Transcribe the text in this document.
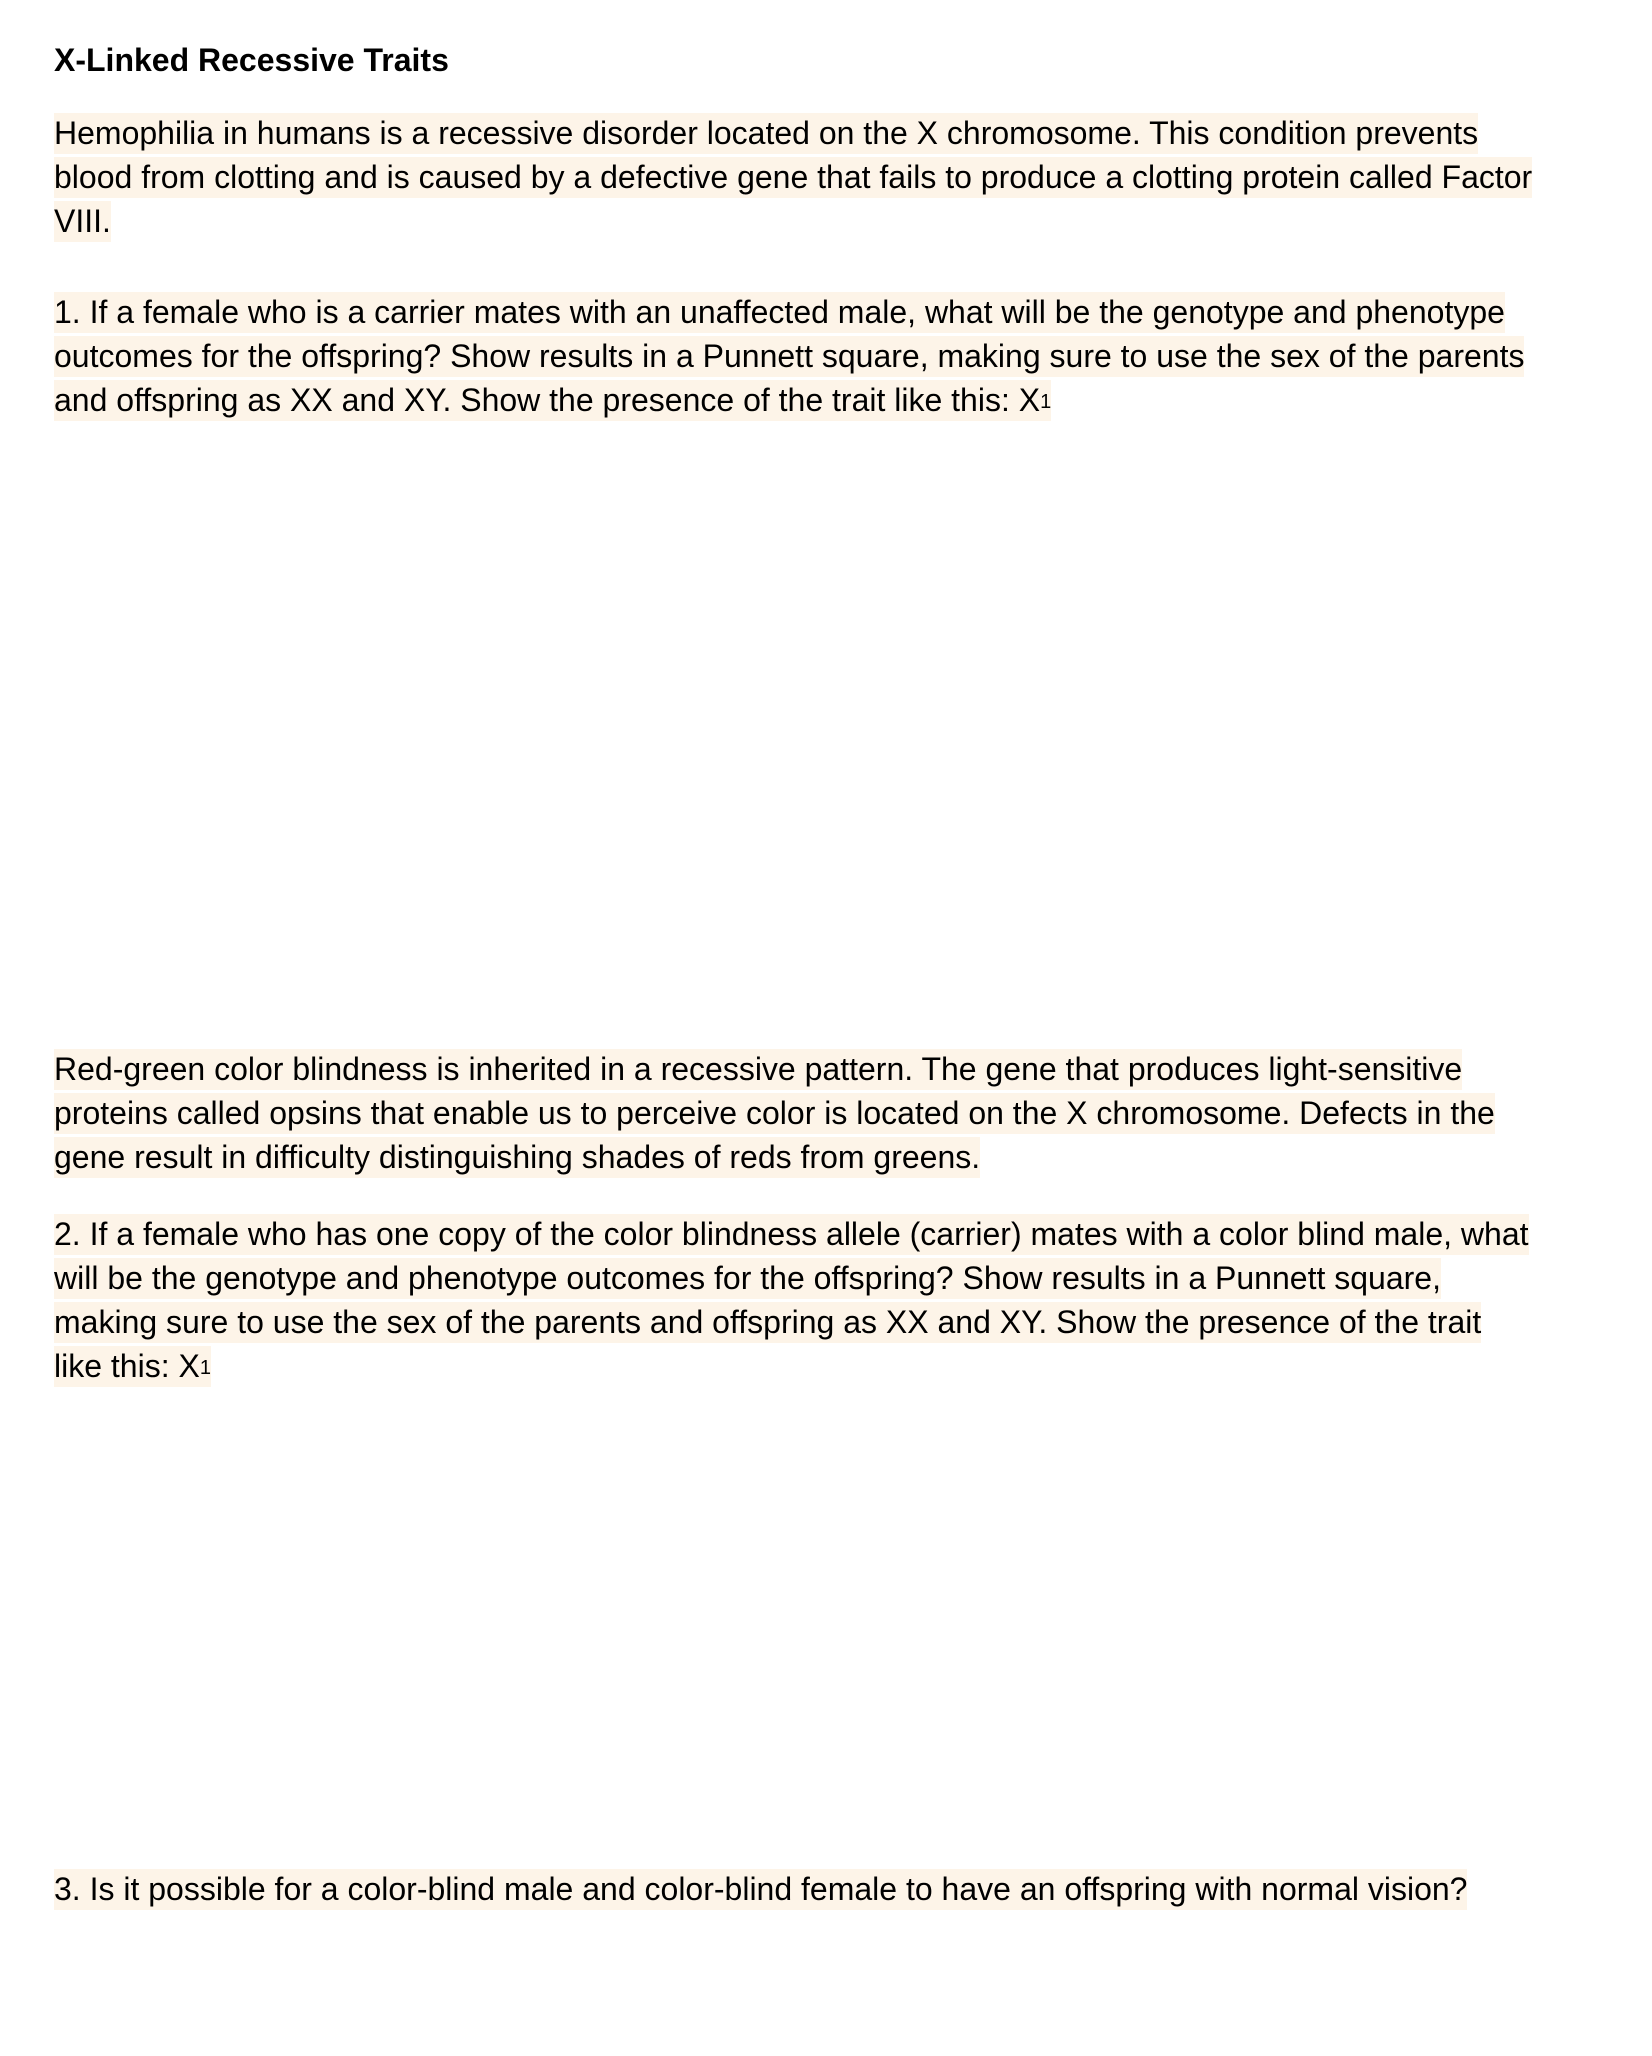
X-Linked Recessive Traits
Hemophilia in humans is a recessive disorder located on the X chromosome. This condition prevents
blood from clotting and is caused by a defective gene that fails to produce a clotting protein called Factor
VIII.
1. If a female who is a carrier mates with an unaffected male, what will be the genotype and phenotype
outcomes for the offspring? Show results in a Punnett square, making sure to use the sex of the parents
and offspring as XX and XY. Show the presence of the trait like this: $X^1$
Red-green color blindness is inherited in a recessive pattern. The gene that produces light-sensitive
proteins called opsins that enable us to perceive color is located on the X chromosome. Defects in the
gene result in difficulty distinguishing shades of reds from greens.
2. If a female who has one copy of the color blindness allele (carrier) mates with a color blind male, what
will be the genotype and phenotype outcomes for the offspring? Show results in a Punnett square,
making sure to use the sex of the parents and offspring as XX and XY. Show the presence of the trait
like this: $X^1$
3. Is it possible for a color-blind male and color-blind female to have an offspring with normal vision?
